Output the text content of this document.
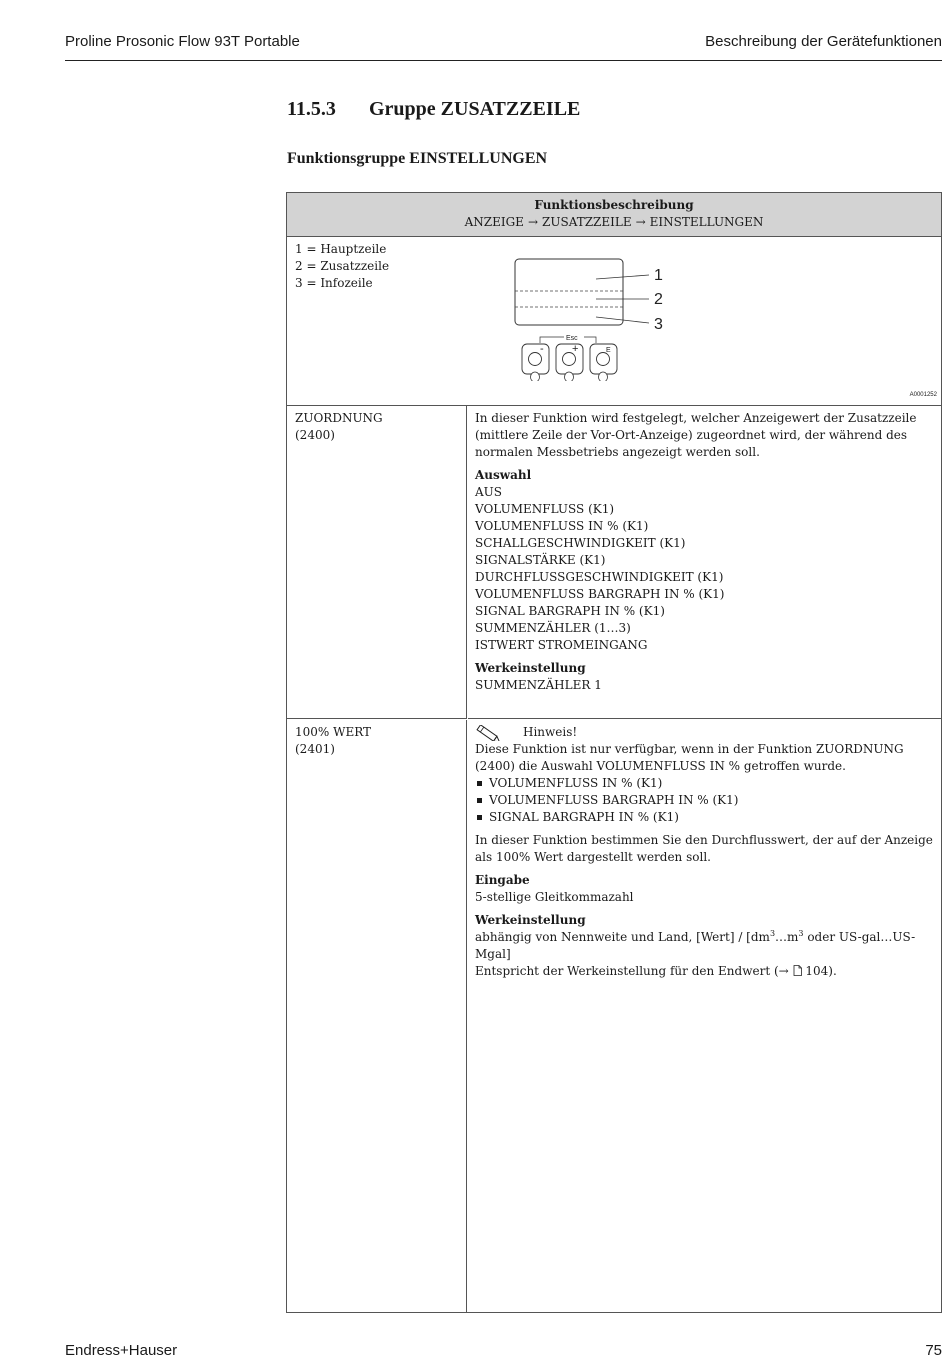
Proline Prosonic Flow 93T Portable	Beschreibung der Gerätefunktionen
11.5.3 Gruppe ZUSATZZEILE
Funktionsgruppe EINSTELLUNGEN
Funktionsbeschreibung
ANZEIGE → ZUSATZZEILE → EINSTELLUNGEN
1 = Hauptzeile
2 = Zusatzzeile
3 = Infozeile	1
2
3
Esc
-	+	E
A0001252
ZUORDNUNG
(2400)

In dieser Funktion wird festgelegt, welcher Anzeigewert der Zusatzzeile (mittlere Zeile der Vor-Ort-Anzeige) zugeordnet wird, der während des normalen Messbetriebs angezeigt werden soll.

Auswahl
AUS
VOLUMENFLUSS (K1)
VOLUMENFLUSS IN % (K1)
SCHALLGESCHWINDIGKEIT (K1)
SIGNALSTÄRKE (K1)
DURCHFLUSSGESCHWINDIGKEIT (K1)
VOLUMENFLUSS BARGRAPH IN % (K1)
SIGNAL BARGRAPH IN % (K1)
SUMMENZÄHLER (1…3)
ISTWERT STROMEINGANG
Werkeinstellung
SUMMENZÄHLER 1
100% WERT
(2401)
Hinweis!

Diese Funktion ist nur verfügbar, wenn in der Funktion ZUORDNUNG (2400) die Auswahl VOLUMENFLUSS IN % getroffen wurde.

VOLUMENFLUSS IN % (K1)
VOLUMENFLUSS BARGRAPH IN % (K1)
SIGNAL BARGRAPH IN % (K1)

In dieser Funktion bestimmen Sie den Durchflusswert, der auf der Anzeige als 100% Wert dargestellt werden soll.

Eingabe
5-stellige Gleitkommazahl
Werkeinstellung
abhängig von Nennweite und Land, [Wert] / [$dm^3\dots m^3$ oder US-gal…US-Mgal]
Entspricht der Werkeinstellung für den Endwert (→ 104).
Endress+Hauser	75
